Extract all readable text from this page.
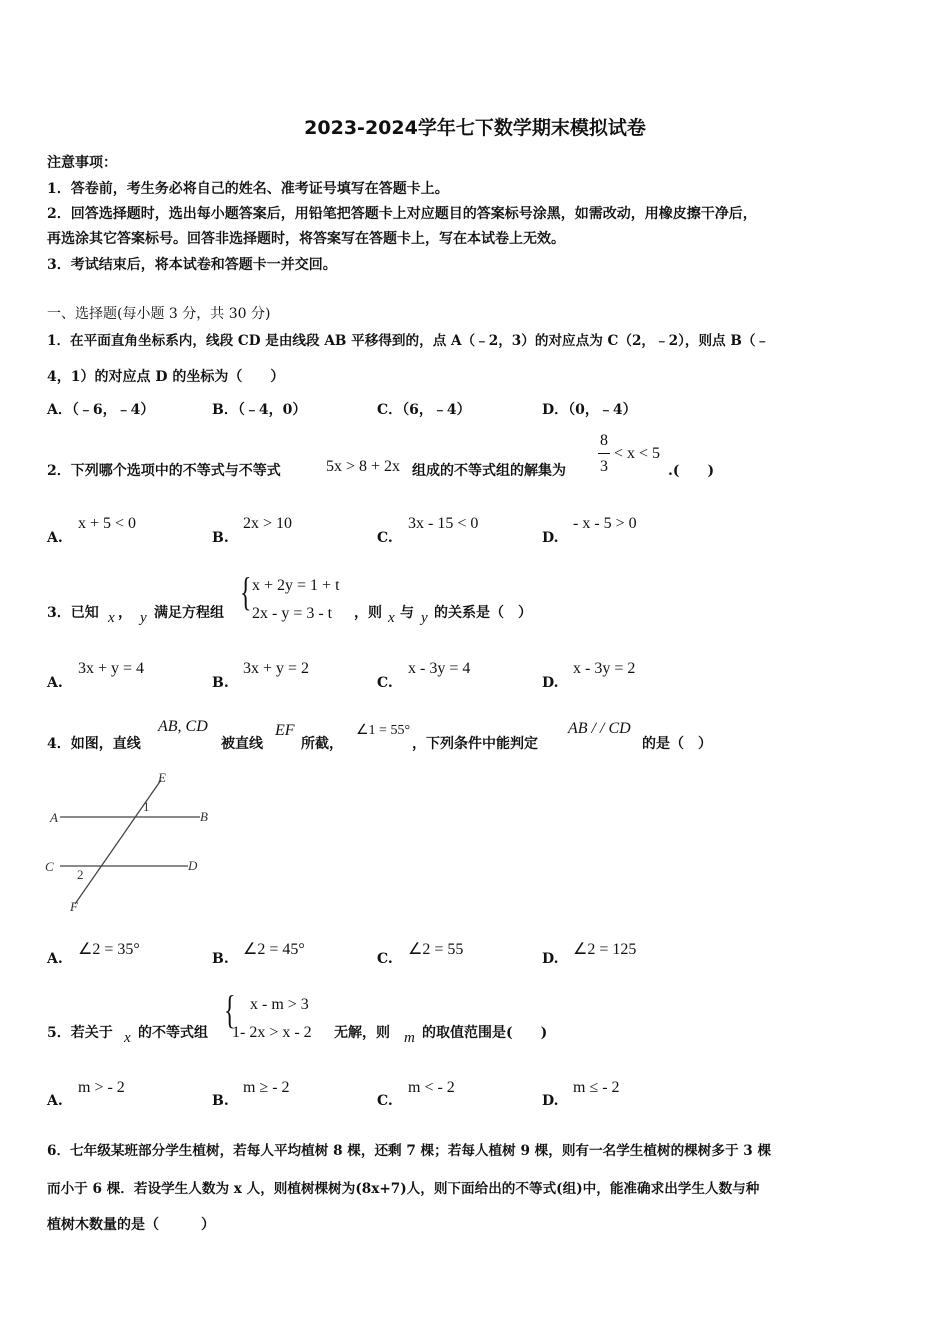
2023-2024学年七下数学期末模拟试卷
注意事项：
1．答卷前，考生务必将自己的姓名、准考证号填写在答题卡上。
2．回答选择题时，选出每小题答案后，用铅笔把答题卡上对应题目的答案标号涂黑，如需改动，用橡皮擦干净后，
再选涂其它答案标号。回答非选择题时，将答案写在答题卡上，写在本试卷上无效。
3．考试结束后，将本试卷和答题卡一并交回。
一、选择题(每小题 3 分，共 30 分)
1．在平面直角坐标系内，线段 CD 是由线段 AB 平移得到的，点 A（﹣2，3）的对应点为 C（2，﹣2），则点 B（﹣
4，1）的对应点 D 的坐标为（　　）
A．（﹣6，﹣4）	B．（﹣4，0）	C．（6，﹣4）	D．（0，﹣4）
2．下列哪个选项中的不等式与不等式	5x > 8 + 2x 组成的不等式组的解集为
8
3
< x < 5
.(　　)
A.
x + 5 < 0
B.
2x > 10
C.
3x - 15 < 0
D.
- x - 5 > 0
3．已知 x ， y 满足方程组 { x + 2y = 1 + t
2x - y = 3 - t ，则 x 与 y 的关系是（　）
A.
3x + y = 4
B.
3x + y = 2
C.
x - 3y = 4
D.
x - 3y = 2
4．如图，直线
AB, CD
被直线
EF
所截，
∠1 = 55°
，下列条件中能判定
AB / / CD
的是（　）
A	B
C	D
E
F
1
2
A.
∠2 = 35°
B.
∠2 = 45°
C.
∠2 = 55
D.
∠2 = 125
5．若关于 x 的不等式组
{ x - m > 3
1- 2x > x - 2 无解，则 m 的取值范围是(　　)
A.
m > - 2
B.
m ≥ - 2
C.
m < - 2
D.
m ≤ - 2
6．七年级某班部分学生植树，若每人平均植树 8 棵，还剩 7 棵；若每人植树 9 棵，则有一名学生植树的棵树多于 3 棵
而小于 6 棵．若设学生人数为 x 人，则植树棵树为(8x+7)人，则下面给出的不等式(组)中，能准确求出学生人数与种
植树木数量的是（　　　）
